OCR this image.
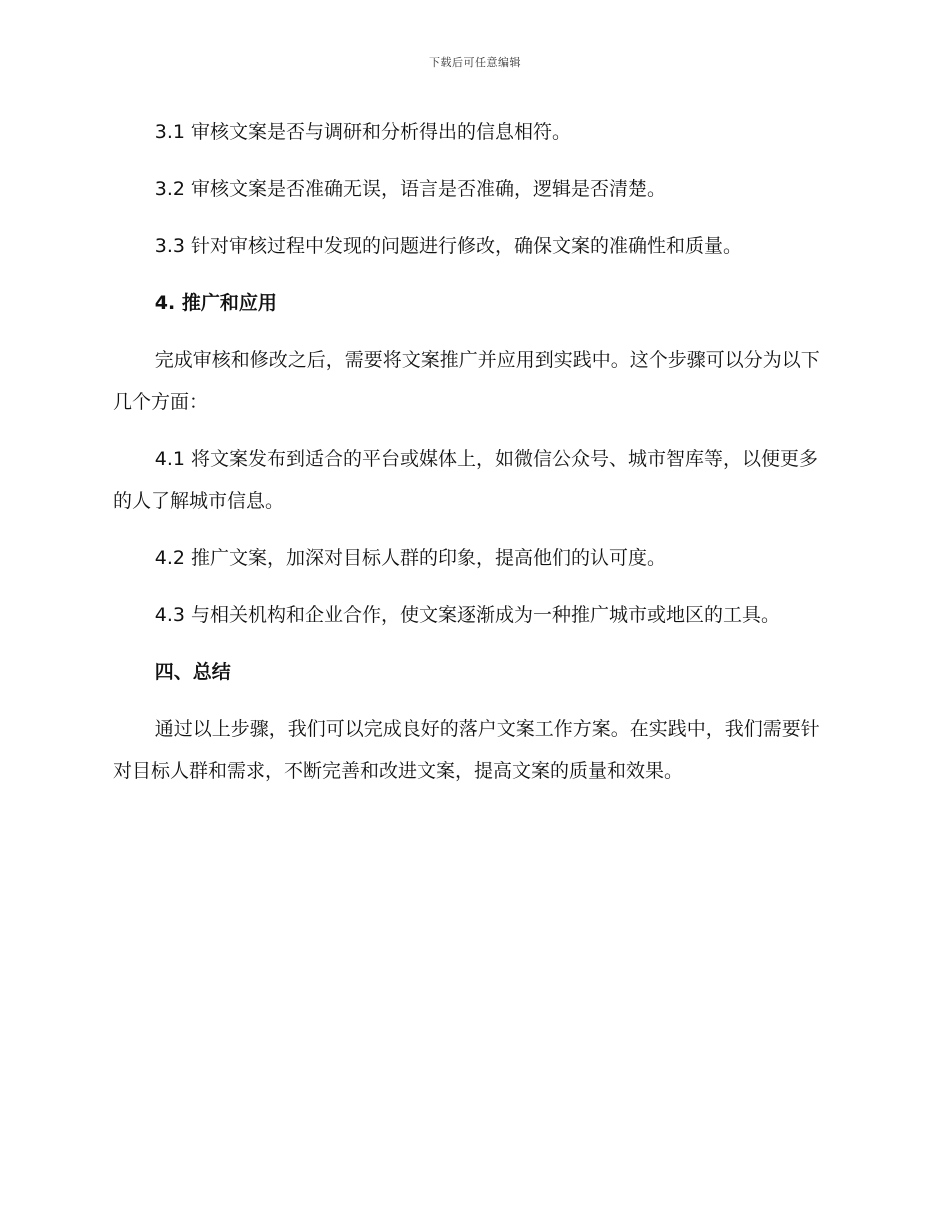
下载后可任意编辑

3.1 审核文案是否与调研和分析得出的信息相符。

3.2 审核文案是否准确无误，语言是否准确，逻辑是否清楚。

3.3 针对审核过程中发现的问题进行修改，确保文案的准确性和质量。

4. 推广和应用

完成审核和修改之后，需要将文案推广并应用到实践中。这个步骤可以分为以下几个方面：

4.1 将文案发布到适合的平台或媒体上，如微信公众号、城市智库等，以便更多的人了解城市信息。

4.2 推广文案，加深对目标人群的印象，提高他们的认可度。

4.3 与相关机构和企业合作，使文案逐渐成为一种推广城市或地区的工具。

四、总结

通过以上步骤，我们可以完成良好的落户文案工作方案。在实践中，我们需要针对目标人群和需求，不断完善和改进文案，提高文案的质量和效果。
